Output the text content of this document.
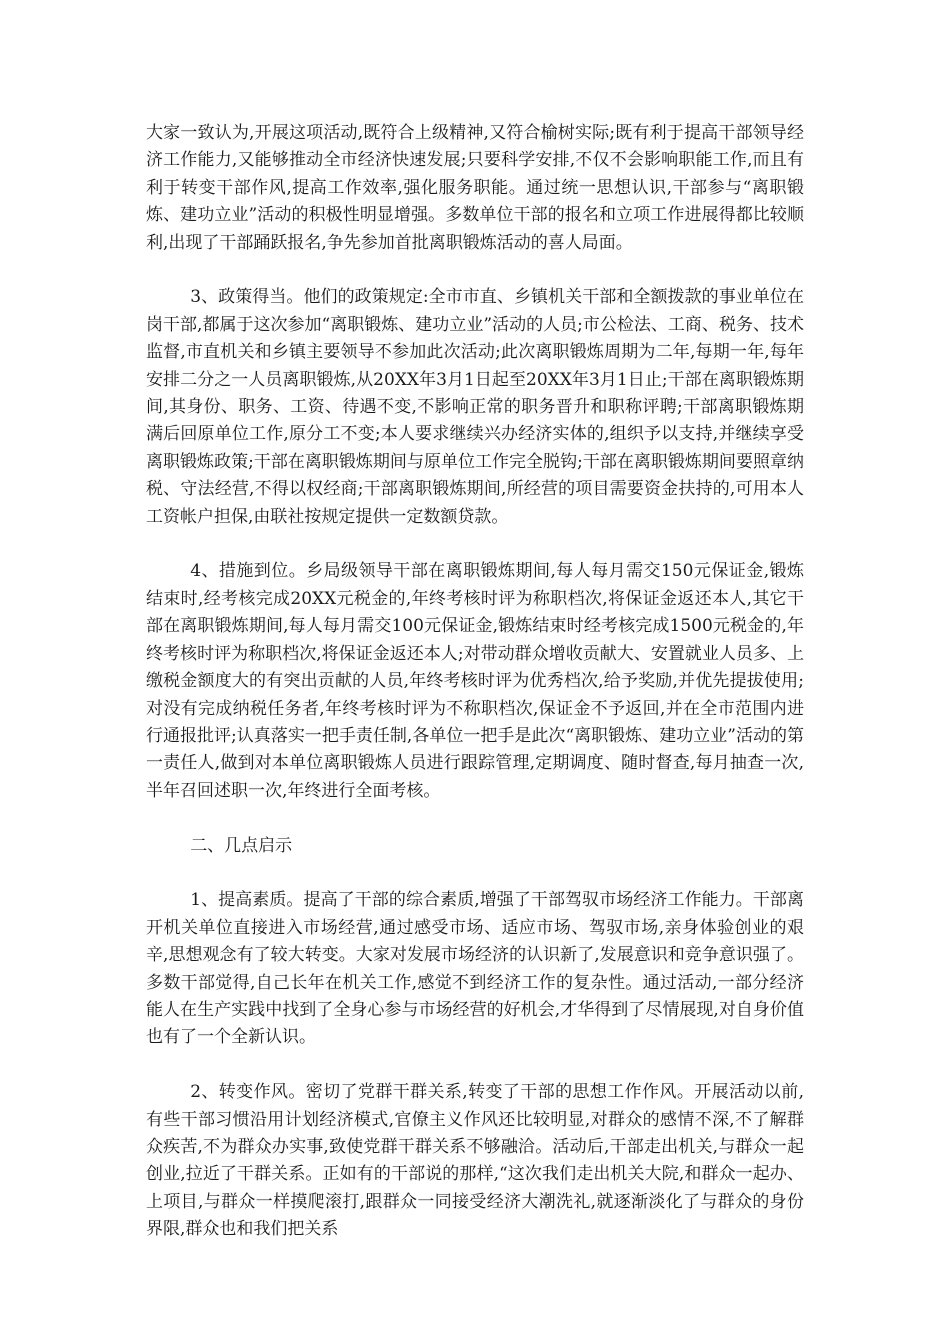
大家一致认为,开展这项活动,既符合上级精神,又符合榆树实际;既有利于提高干部领导经济工作能力,又能够推动全市经济快速发展;只要科学安排,不仅不会影响职能工作,而且有利于转变干部作风,提高工作效率,强化服务职能。通过统一思想认识,干部参与“离职锻炼、建功立业”活动的积极性明显增强。多数单位干部的报名和立项工作进展得都比较顺利,出现了干部踊跃报名,争先参加首批离职锻炼活动的喜人局面。

3、政策得当。他们的政策规定:全市市直、乡镇机关干部和全额拨款的事业单位在岗干部,都属于这次参加“离职锻炼、建功立业”活动的人员;市公检法、工商、税务、技术监督,市直机关和乡镇主要领导不参加此次活动;此次离职锻炼周期为二年,每期一年,每年安排二分之一人员离职锻炼,从20XX年3月1日起至20XX年3月1日止;干部在离职锻炼期间,其身份、职务、工资、待遇不变,不影响正常的职务晋升和职称评聘;干部离职锻炼期满后回原单位工作,原分工不变;本人要求继续兴办经济实体的,组织予以支持,并继续享受离职锻炼政策;干部在离职锻炼期间与原单位工作完全脱钩;干部在离职锻炼期间要照章纳税、守法经营,不得以权经商;干部离职锻炼期间,所经营的项目需要资金扶持的,可用本人工资帐户担保,由联社按规定提供一定数额贷款。

4、措施到位。乡局级领导干部在离职锻炼期间,每人每月需交150元保证金,锻炼结束时,经考核完成20XX元税金的,年终考核时评为称职档次,将保证金返还本人,其它干部在离职锻炼期间,每人每月需交100元保证金,锻炼结束时经考核完成1500元税金的,年终考核时评为称职档次,将保证金返还本人;对带动群众增收贡献大、安置就业人员多、上缴税金额度大的有突出贡献的人员,年终考核时评为优秀档次,给予奖励,并优先提拔使用;对没有完成纳税任务者,年终考核时评为不称职档次,保证金不予返回,并在全市范围内进行通报批评;认真落实一把手责任制,各单位一把手是此次“离职锻炼、建功立业”活动的第一责任人,做到对本单位离职锻炼人员进行跟踪管理,定期调度、随时督查,每月抽查一次,半年召回述职一次,年终进行全面考核。

二、几点启示

1、提高素质。提高了干部的综合素质,增强了干部驾驭市场经济工作能力。干部离开机关单位直接进入市场经营,通过感受市场、适应市场、驾驭市场,亲身体验创业的艰辛,思想观念有了较大转变。大家对发展市场经济的认识新了,发展意识和竞争意识强了。多数干部觉得,自己长年在机关工作,感觉不到经济工作的复杂性。通过活动,一部分经济能人在生产实践中找到了全身心参与市场经营的好机会,才华得到了尽情展现,对自身价值也有了一个全新认识。

2、转变作风。密切了党群干群关系,转变了干部的思想工作作风。开展活动以前,有些干部习惯沿用计划经济模式,官僚主义作风还比较明显,对群众的感情不深,不了解群众疾苦,不为群众办实事,致使党群干群关系不够融洽。活动后,干部走出机关,与群众一起创业,拉近了干群关系。正如有的干部说的那样,“这次我们走出机关大院,和群众一起办、上项目,与群众一样摸爬滚打,跟群众一同接受经济大潮洗礼,就逐渐淡化了与群众的身份界限,群众也和我们把关系
